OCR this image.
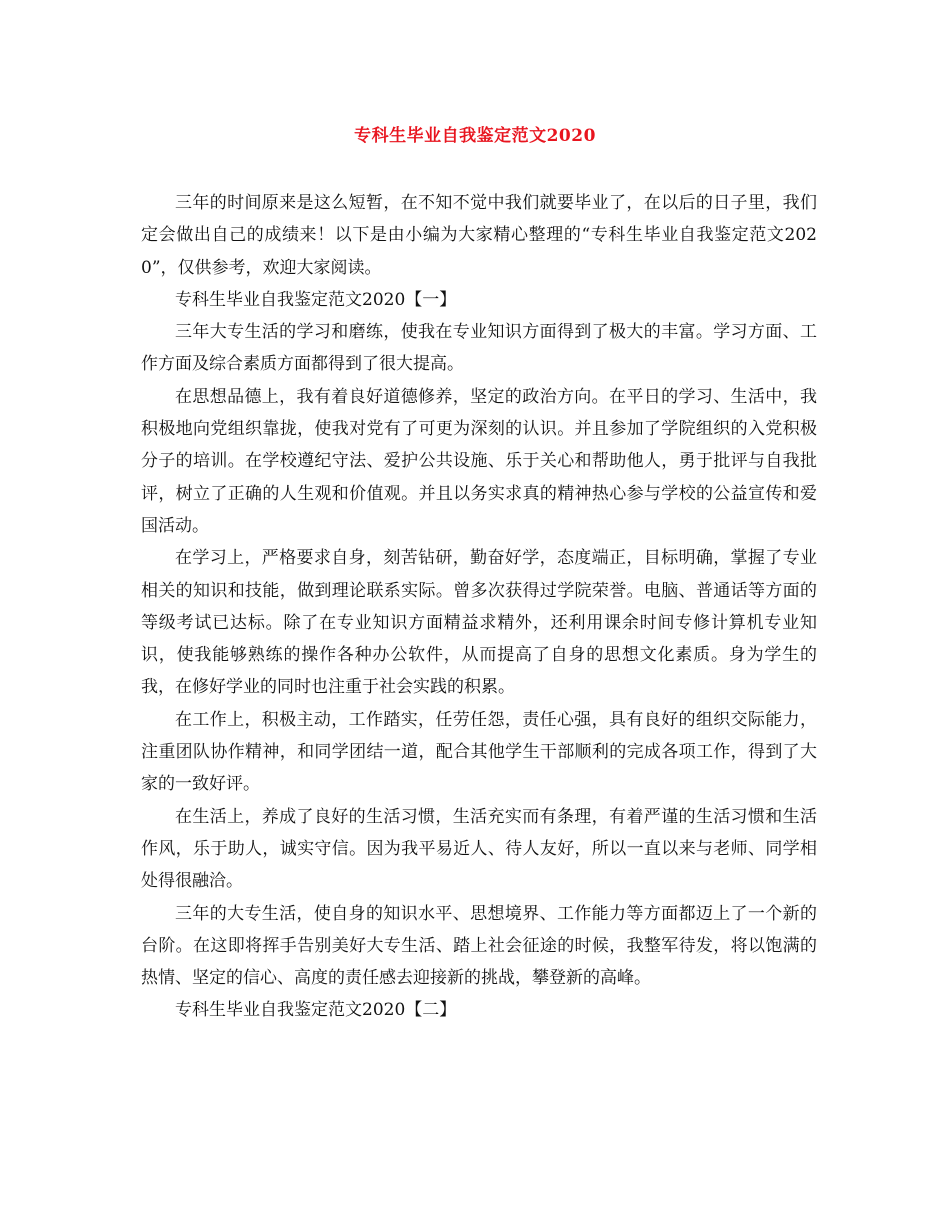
专科生毕业自我鉴定范文2020

三年的时间原来是这么短暂，在不知不觉中我们就要毕业了，在以后的日子里，我们定会做出自己的成绩来！以下是由小编为大家精心整理的“专科生毕业自我鉴定范文2020”，仅供参考，欢迎大家阅读。

专科生毕业自我鉴定范文2020【一】

三年大专生活的学习和磨练，使我在专业知识方面得到了极大的丰富。学习方面、工作方面及综合素质方面都得到了很大提高。

在思想品德上，我有着良好道德修养，坚定的政治方向。在平日的学习、生活中，我积极地向党组织靠拢，使我对党有了可更为深刻的认识。并且参加了学院组织的入党积极分子的培训。在学校遵纪守法、爱护公共设施、乐于关心和帮助他人，勇于批评与自我批评，树立了正确的人生观和价值观。并且以务实求真的精神热心参与学校的公益宣传和爱国活动。

在学习上，严格要求自身，刻苦钻研，勤奋好学，态度端正，目标明确，掌握了专业相关的知识和技能，做到理论联系实际。曾多次获得过学院荣誉。电脑、普通话等方面的等级考试已达标。除了在专业知识方面精益求精外，还利用课余时间专修计算机专业知识，使我能够熟练的操作各种办公软件，从而提高了自身的思想文化素质。身为学生的我，在修好学业的同时也注重于社会实践的积累。

在工作上，积极主动，工作踏实，任劳任怨，责任心强，具有良好的组织交际能力，注重团队协作精神，和同学团结一道，配合其他学生干部顺利的完成各项工作，得到了大家的一致好评。

在生活上，养成了良好的生活习惯，生活充实而有条理，有着严谨的生活习惯和生活作风，乐于助人，诚实守信。因为我平易近人、待人友好，所以一直以来与老师、同学相处得很融洽。

三年的大专生活，使自身的知识水平、思想境界、工作能力等方面都迈上了一个新的台阶。在这即将挥手告别美好大专生活、踏上社会征途的时候，我整军待发，将以饱满的热情、坚定的信心、高度的责任感去迎接新的挑战，攀登新的高峰。

专科生毕业自我鉴定范文2020【二】
